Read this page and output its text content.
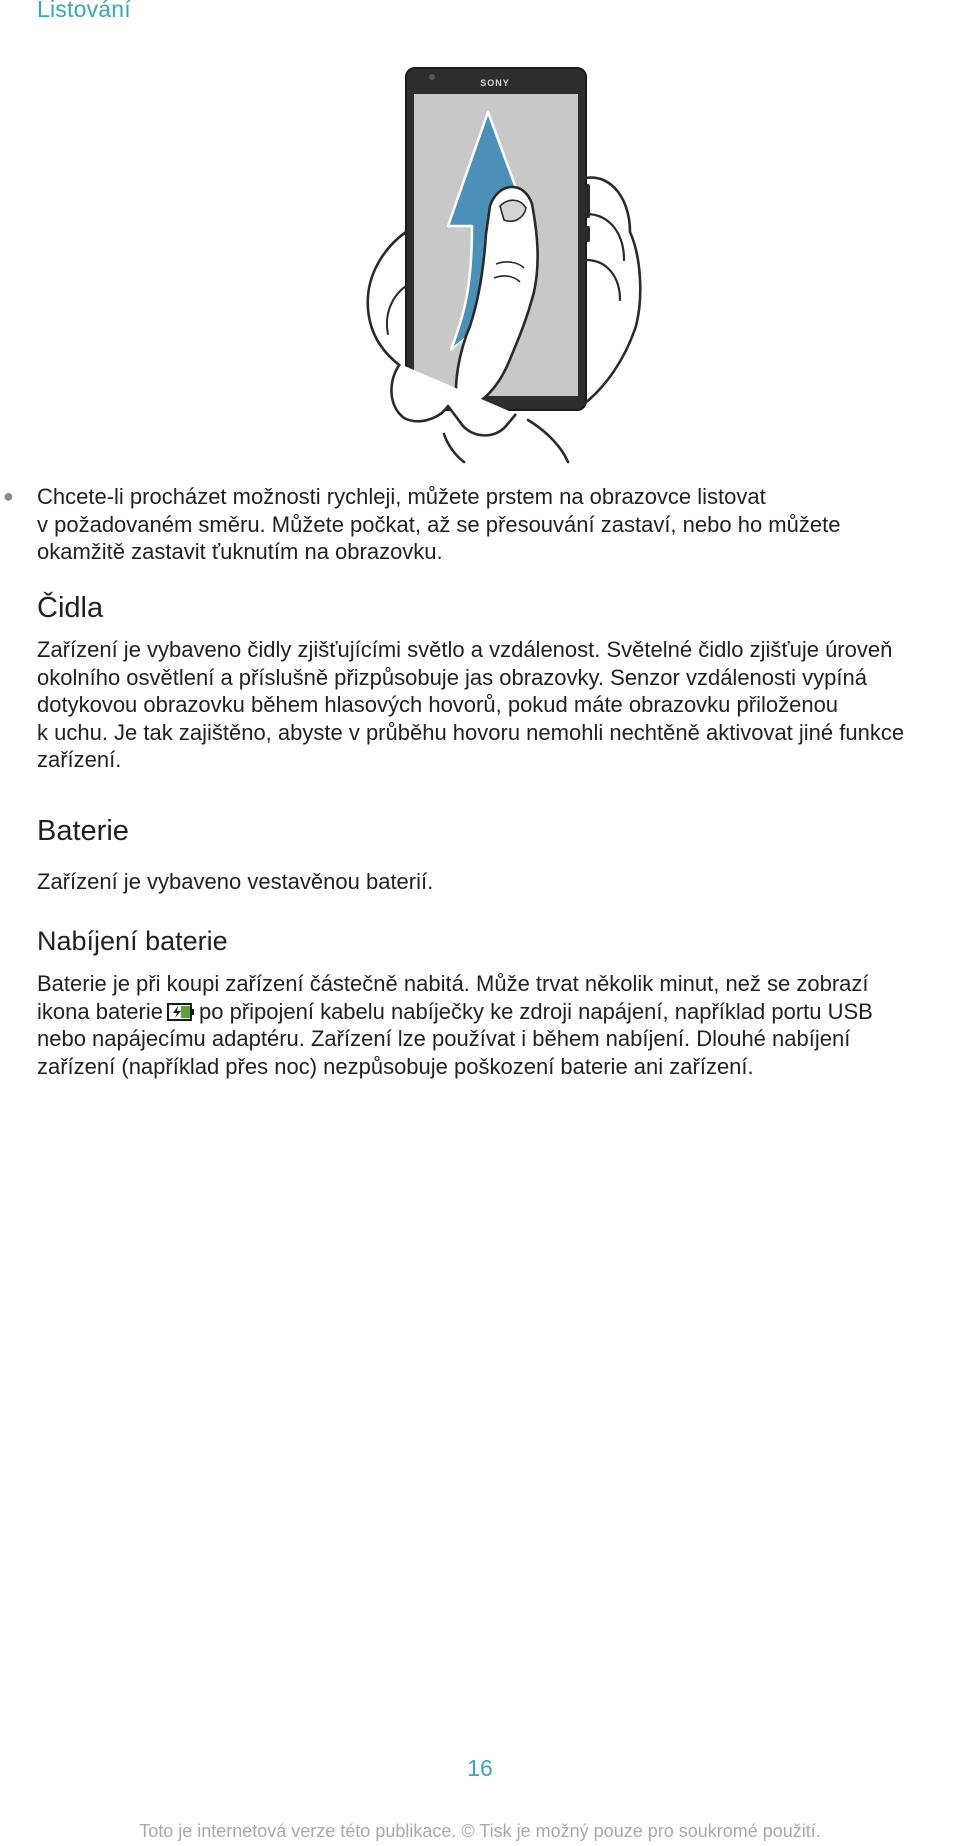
Listování
SONY
● Chcete-li procházet možnosti rychleji, můžete prstem na obrazovce listovat
v požadovaném směru. Můžete počkat, až se přesouvání zastaví, nebo ho můžete
okamžitě zastavit ťuknutím na obrazovku.
Čidla
Zařízení je vybaveno čidly zjišťujícími světlo a vzdálenost. Světelné čidlo zjišťuje úroveň
okolního osvětlení a příslušně přizpůsobuje jas obrazovky. Senzor vzdálenosti vypíná
dotykovou obrazovku během hlasových hovorů, pokud máte obrazovku přiloženou
k uchu. Je tak zajištěno, abyste v průběhu hovoru nemohli nechtěně aktivovat jiné funkce
zařízení.
Baterie
Zařízení je vybaveno vestavěnou baterií.
Nabíjení baterie
Baterie je při koupi zařízení částečně nabitá. Může trvat několik minut, než se zobrazí
ikona baterie po připojení kabelu nabíječky ke zdroji napájení, například portu USB
nebo napájecímu adaptéru. Zařízení lze používat i během nabíjení. Dlouhé nabíjení
zařízení (například přes noc) nezpůsobuje poškození baterie ani zařízení.
16
Toto je internetová verze této publikace. © Tisk je možný pouze pro soukromé použití.
